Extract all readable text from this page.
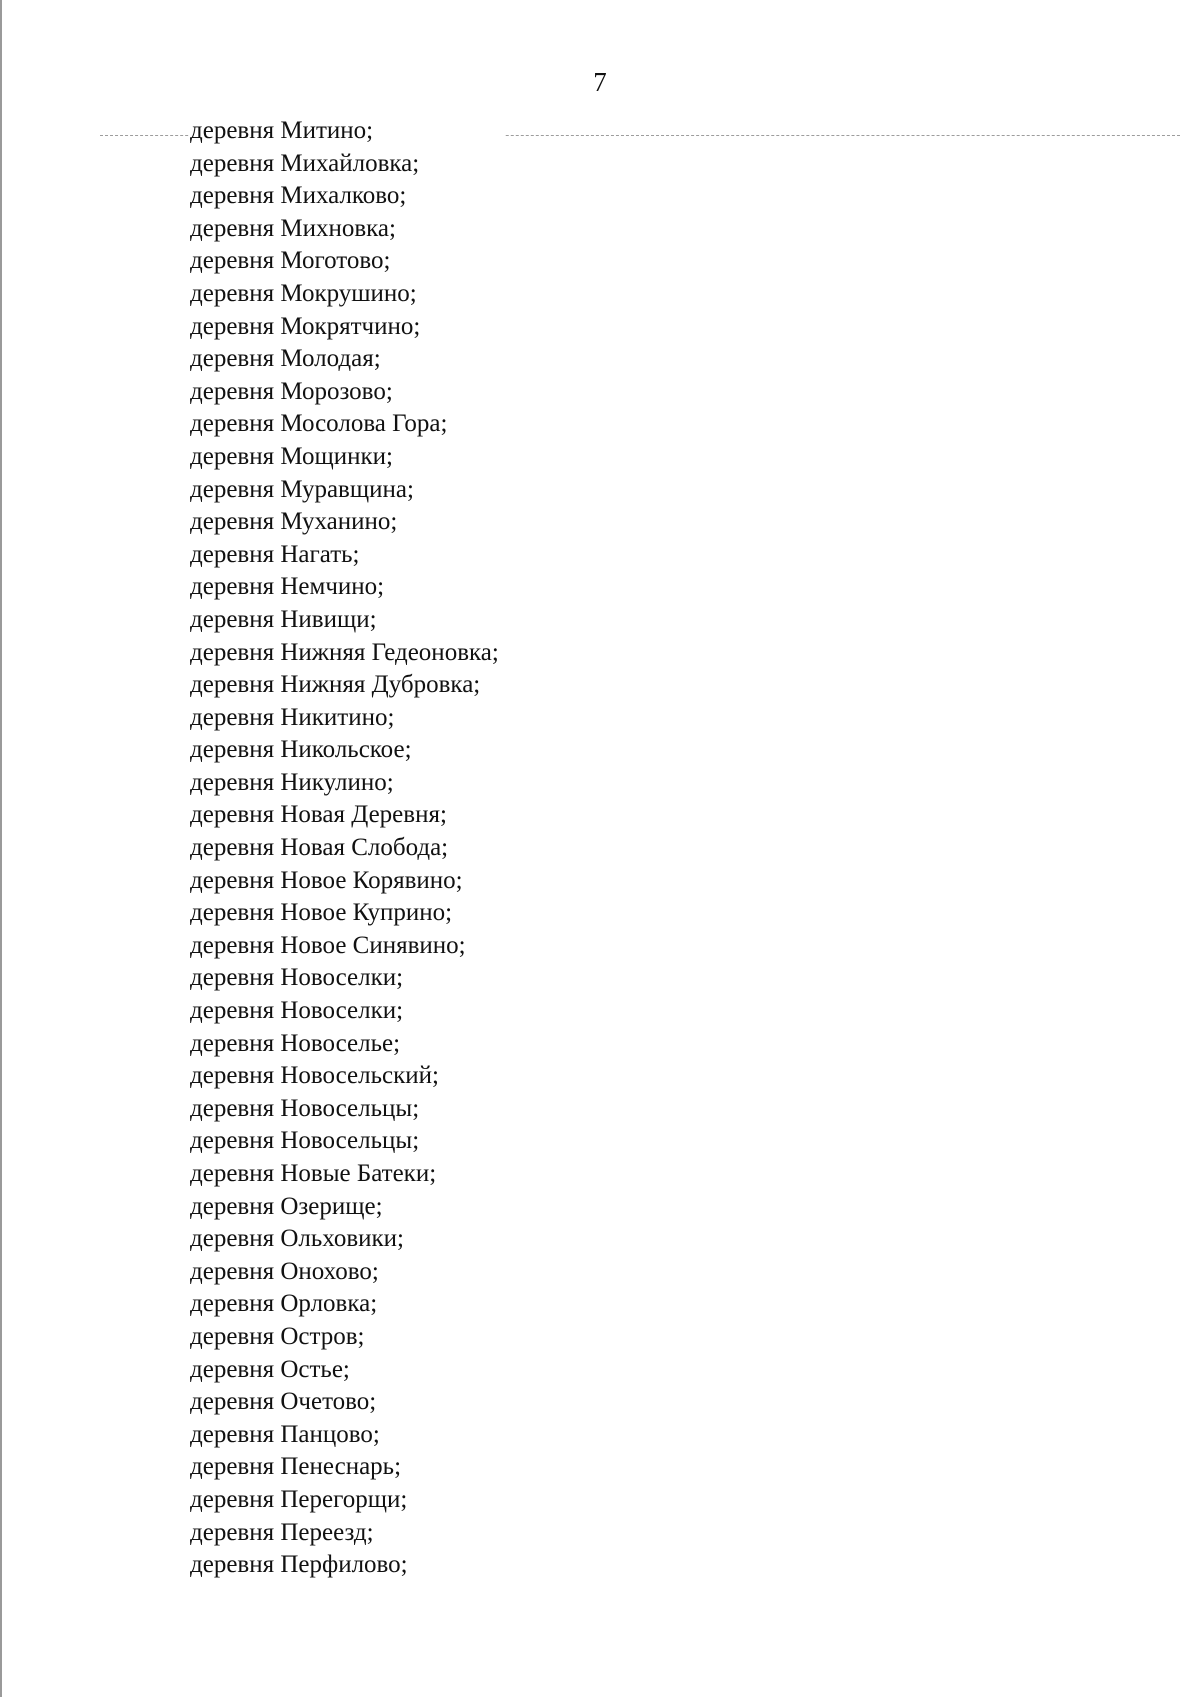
7
деревня Митино;
деревня Михайловка;
деревня Михалково;
деревня Михновка;
деревня Моготово;
деревня Мокрушино;
деревня Мокрятчино;
деревня Молодая;
деревня Морозово;
деревня Мосолова Гора;
деревня Мощинки;
деревня Муравщина;
деревня Муханино;
деревня Нагать;
деревня Немчино;
деревня Нивищи;
деревня Нижняя Гедеоновка;
деревня Нижняя Дубровка;
деревня Никитино;
деревня Никольское;
деревня Никулино;
деревня Новая Деревня;
деревня Новая Слобода;
деревня Новое Корявино;
деревня Новое Куприно;
деревня Новое Синявино;
деревня Новоселки;
деревня Новоселки;
деревня Новоселье;
деревня Новосельский;
деревня Новосельцы;
деревня Новосельцы;
деревня Новые Батеки;
деревня Озерище;
деревня Ольховики;
деревня Онохово;
деревня Орловка;
деревня Остров;
деревня Остье;
деревня Очетово;
деревня Панцово;
деревня Пенеснарь;
деревня Перегорщи;
деревня Переезд;
деревня Перфилово;
